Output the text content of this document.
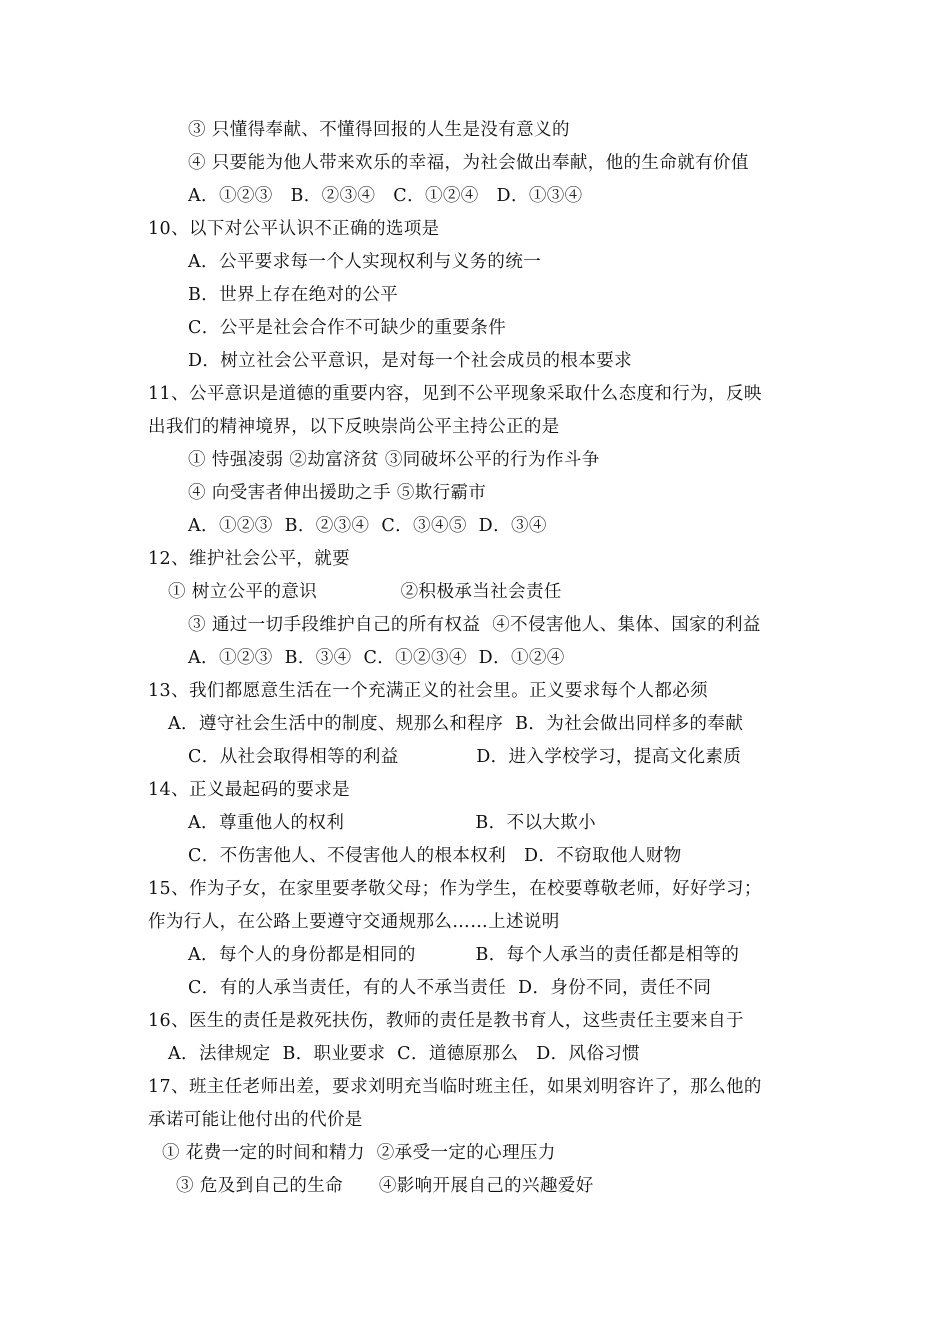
③ 只懂得奉献、不懂得回报的人生是没有意义的
④ 只要能为他人带来欢乐的幸福，为社会做出奉献，他的生命就有价值
A．①②③   B．②③④   C．①②④   D．①③④
10、以下对公平认识不正确的选项是
A．公平要求每一个人实现权利与义务的统一
B．世界上存在绝对的公平
C．公平是社会合作不可缺少的重要条件
D．树立社会公平意识，是对每一个社会成员的根本要求
11、公平意识是道德的重要内容，见到不公平现象采取什么态度和行为，反映
出我们的精神境界，以下反映崇尚公平主持公正的是
① 恃强凌弱 ②劫富济贫 ③同破坏公平的行为作斗争
④ 向受害者伸出援助之手 ⑤欺行霸市
A．①②③  B．②③④  C．③④⑤  D．③④
12、维护社会公平，就要
① 树立公平的意识              ②积极承当社会责任
③ 通过一切手段维护自己的所有权益  ④不侵害他人、集体、国家的利益
A．①②③  B．③④  C．①②③④  D．①②④
13、我们都愿意生活在一个充满正义的社会里。正义要求每个人都必须
A．遵守社会生活中的制度、规那么和程序  B．为社会做出同样多的奉献
C．从社会取得相等的利益             D．进入学校学习，提高文化素质
14、正义最起码的要求是
A．尊重他人的权利                      B．不以大欺小
C．不伤害他人、不侵害他人的根本权利   D．不窃取他人财物
15、作为子女，在家里要孝敬父母；作为学生，在校要尊敬老师，好好学习；
作为行人，在公路上要遵守交通规那么……上述说明
A．每个人的身份都是相同的          B．每个人承当的责任都是相等的
C．有的人承当责任，有的人不承当责任  D．身份不同，责任不同
16、医生的责任是救死扶伤，教师的责任是教书育人，这些责任主要来自于
A．法律规定  B．职业要求  C．道德原那么   D．风俗习惯
17、班主任老师出差，要求刘明充当临时班主任，如果刘明容许了，那么他的
承诺可能让他付出的代价是
① 花费一定的时间和精力  ②承受一定的心理压力
③ 危及到自己的生命      ④影响开展自己的兴趣爱好
